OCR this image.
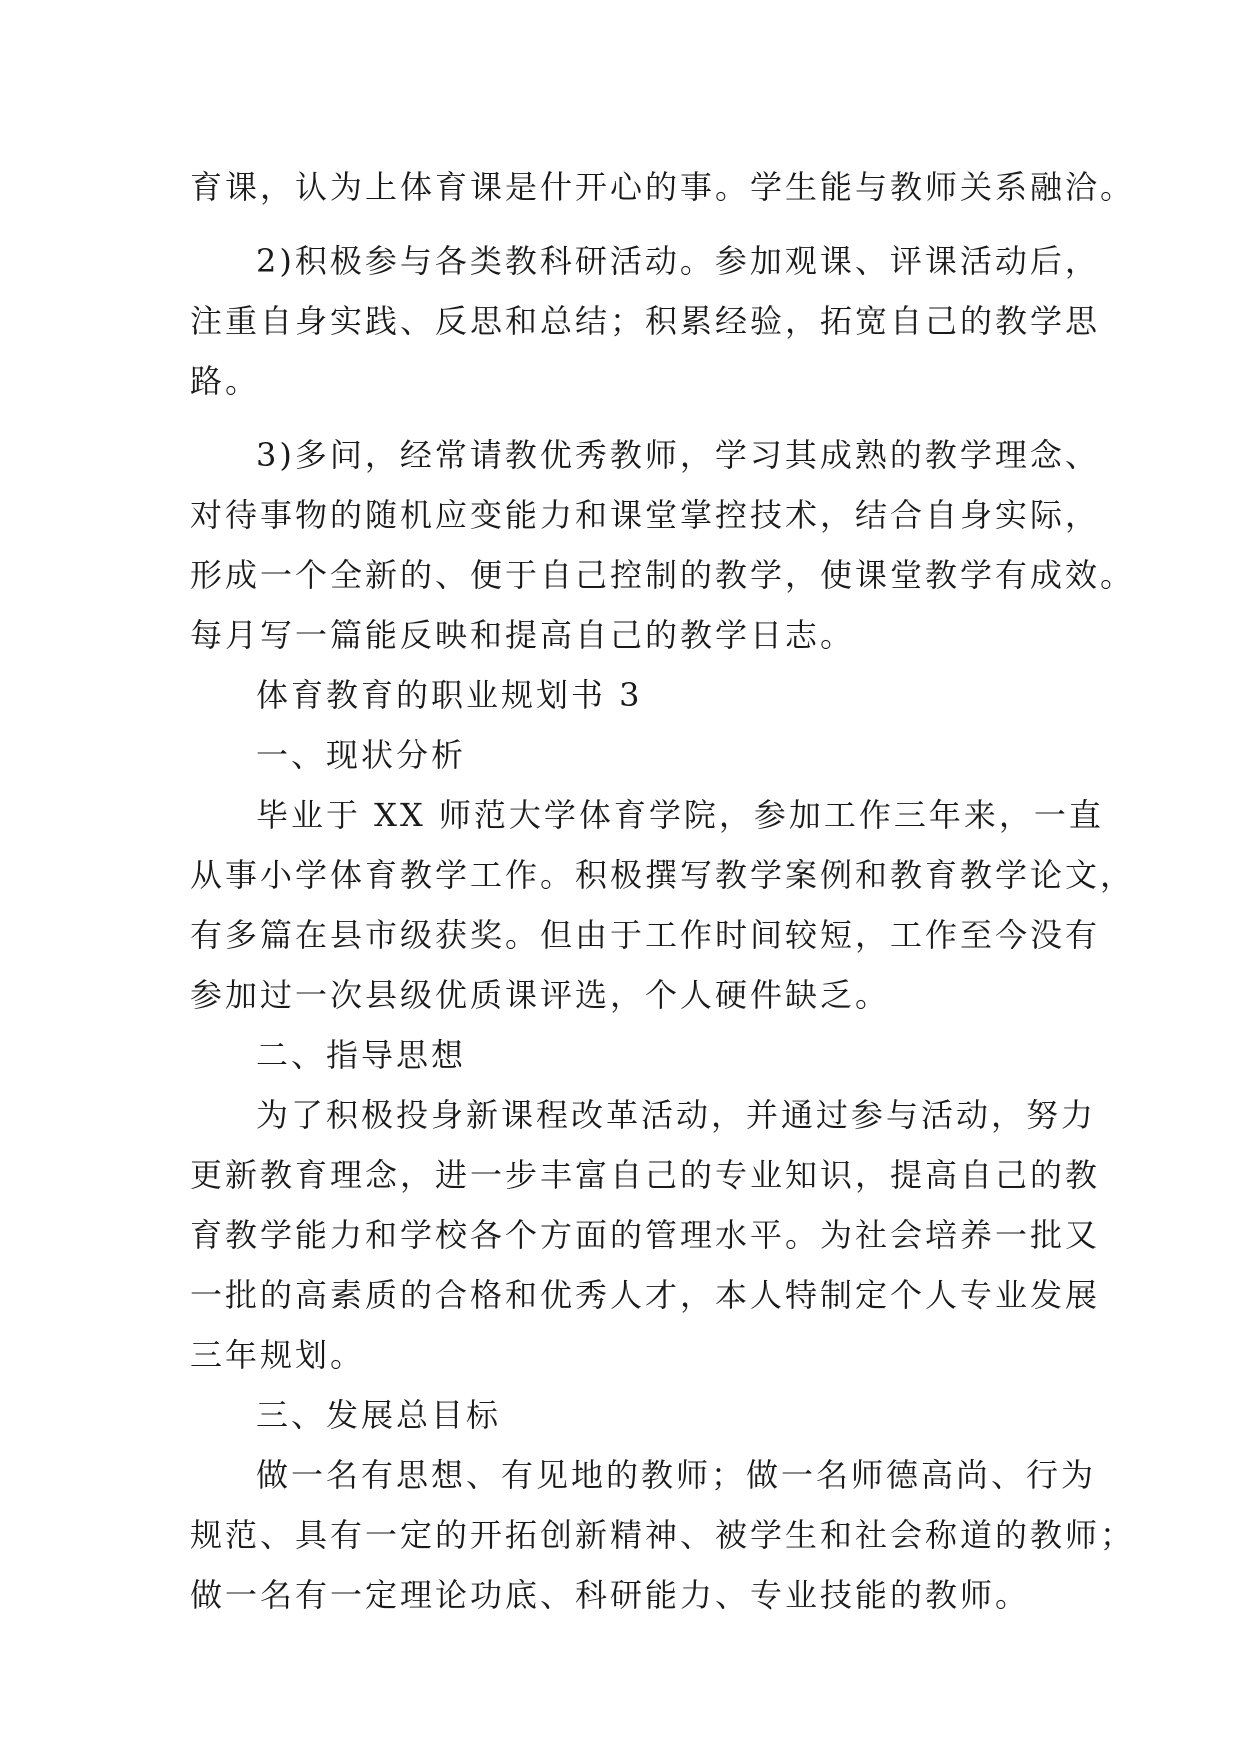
育课，认为上体育课是什开心的事。学生能与教师关系融洽。
2)积极参与各类教科研活动。参加观课、评课活动后，
注重自身实践、反思和总结；积累经验，拓宽自己的教学思
路。
3)多问，经常请教优秀教师，学习其成熟的教学理念、
对待事物的随机应变能力和课堂掌控技术，结合自身实际，
形成一个全新的、便于自己控制的教学，使课堂教学有成效。
每月写一篇能反映和提高自己的教学日志。
体育教育的职业规划书 3
一、现状分析
毕业于 XX 师范大学体育学院，参加工作三年来，一直
从事小学体育教学工作。积极撰写教学案例和教育教学论文，
有多篇在县市级获奖。但由于工作时间较短，工作至今没有
参加过一次县级优质课评选，个人硬件缺乏。
二、指导思想
为了积极投身新课程改革活动，并通过参与活动，努力
更新教育理念，进一步丰富自己的专业知识，提高自己的教
育教学能力和学校各个方面的管理水平。为社会培养一批又
一批的高素质的合格和优秀人才，本人特制定个人专业发展
三年规划。
三、发展总目标
做一名有思想、有见地的教师；做一名师德高尚、行为
规范、具有一定的开拓创新精神、被学生和社会称道的教师；
做一名有一定理论功底、科研能力、专业技能的教师。
